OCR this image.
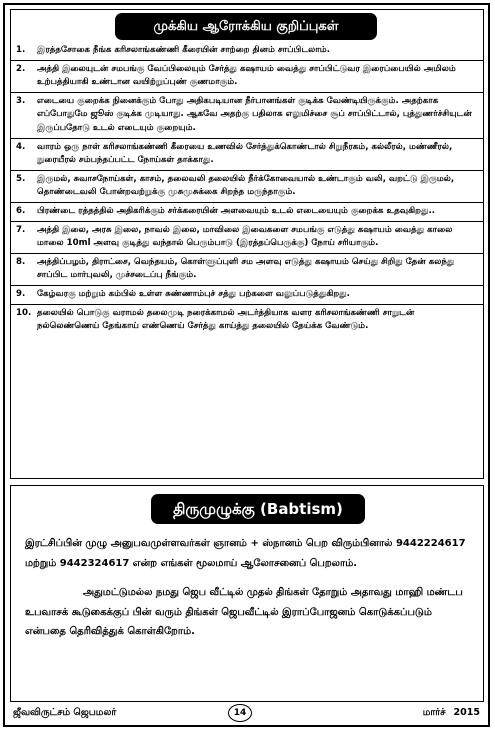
முக்கிய ஆரோக்கிய குறிப்புகள்
1.	இரத்தசோகை நீங்க கரிசலாங்கண்ணி கீரையின் சாற்றை தினம் சாப்பிடலாம்.
2.	அத்தி இலையுடன் சமபங்கு வேப்பிலையும் சேர்த்து கஷாயம் வைத்து சாப்பிட்டுவர இரைப்பையில் அமிலம் உற்பத்தியாகி உண்டான வயிற்றுப்புண் குணமாகும்.
3.	எடையை குறைக்க நினைக்கும் போது அதிகபடியான நீர்பானங்கள் குடிக்க வேண்டியிருக்கும். அதற்காக எப்போதுமே ஜூஸ் குடிக்க முடியாது. ஆகவே அதற்கு பதிலாக எலுமிச்சை சூப் சாப்பிட்டால், புத்துணர்ச்சியுடன் இருப்பதோடு உடல் எடையும் குறையும்.
4.	வாரம் ஒரு நாள் கரிசலாங்கண்ணி கீரையை உணவில் சேர்த்துக்கொண்டால் சிறுநீரகம், கல்லீரல், மண்ணீரல், நுரையீரல் சம்பந்தப்பட்ட நோய்கள் தாக்காது.
5.	இருமல், சுவாசநோய்கள், காசம், தலைவலி தலையில் நீர்க்கோவையால் உண்டாகும் வலி, வறட்டு இருமல், தொண்டைவலி போன்றவற்றுக்கு முசுமுசுக்கை சிறந்த மருந்தாகும்.
6.	பிரண்டை ரத்தத்தில் அதிகரிக்கும் சர்க்கரையின் அளவையும் உடல் எடையையும் குறைக்க உதவுகிறது..
7.	அத்தி இலை, அரசு இலை, நாவல் இலை, மாவிலை இவைகளை சமபங்கு எடுத்து கஷாயம் வைத்து காலை மாலை 10ml அளவு குடித்து வந்தால் பெரும்பாடு (இரத்தப்பெருக்கு) நோய் சரியாகும்.
8.	அத்திப்பழம், திராட்சை, வெந்தயம், கொள்ளுப்புளி சம அளவு எடுத்து கஷாயம் செய்து சிறிது தேன் கலந்து சாப்பிட மார்புவலி, முச்சடைப்பு நீங்கும்.
9.	கேழ்வரகு மற்றும் கம்பில் உள்ள சுண்ணாம்புச் சத்து பற்களை வலுப்படுத்துகிறது.
10. தலையில் பொடுகு வராமல் தலைமுடி நரைக்காமல் அடர்த்தியாக வளர கரிசலாங்கண்ணி சாறுடன் நல்லெண்ணெய் தேங்காய் எண்ணெய் சேர்த்து காய்த்து தலையில் தேய்க்க வேண்டும்.
திருமுழுக்கு (Babtism)

இரட்சிப்பின் முழு அனுபவமுள்ளவர்கள் ஞானம் + ஸ்நானம் பெற விரும்பினால் 9442224617 மற்றும் 9442324617 என்ற எங்கள் மூலமாய் ஆலோசனைப் பெறலாம்.

அதுமட்டுமல்ல நமது ஜெப வீட்டில் முதல் திங்கள் தோறும் அதாவது மாஹி மண்டப உபவாசக் கூடுகைக்குப் பின் வரும் திங்கள் ஜெபவீட்டில் இராப்போஜனம் கொடுக்கப்படும் என்பதை தெரிவித்துக் கொள்கிறோம்.

ஜீவவிருட்சம் ஜெபமலர்	14	மார்ச் 2015
